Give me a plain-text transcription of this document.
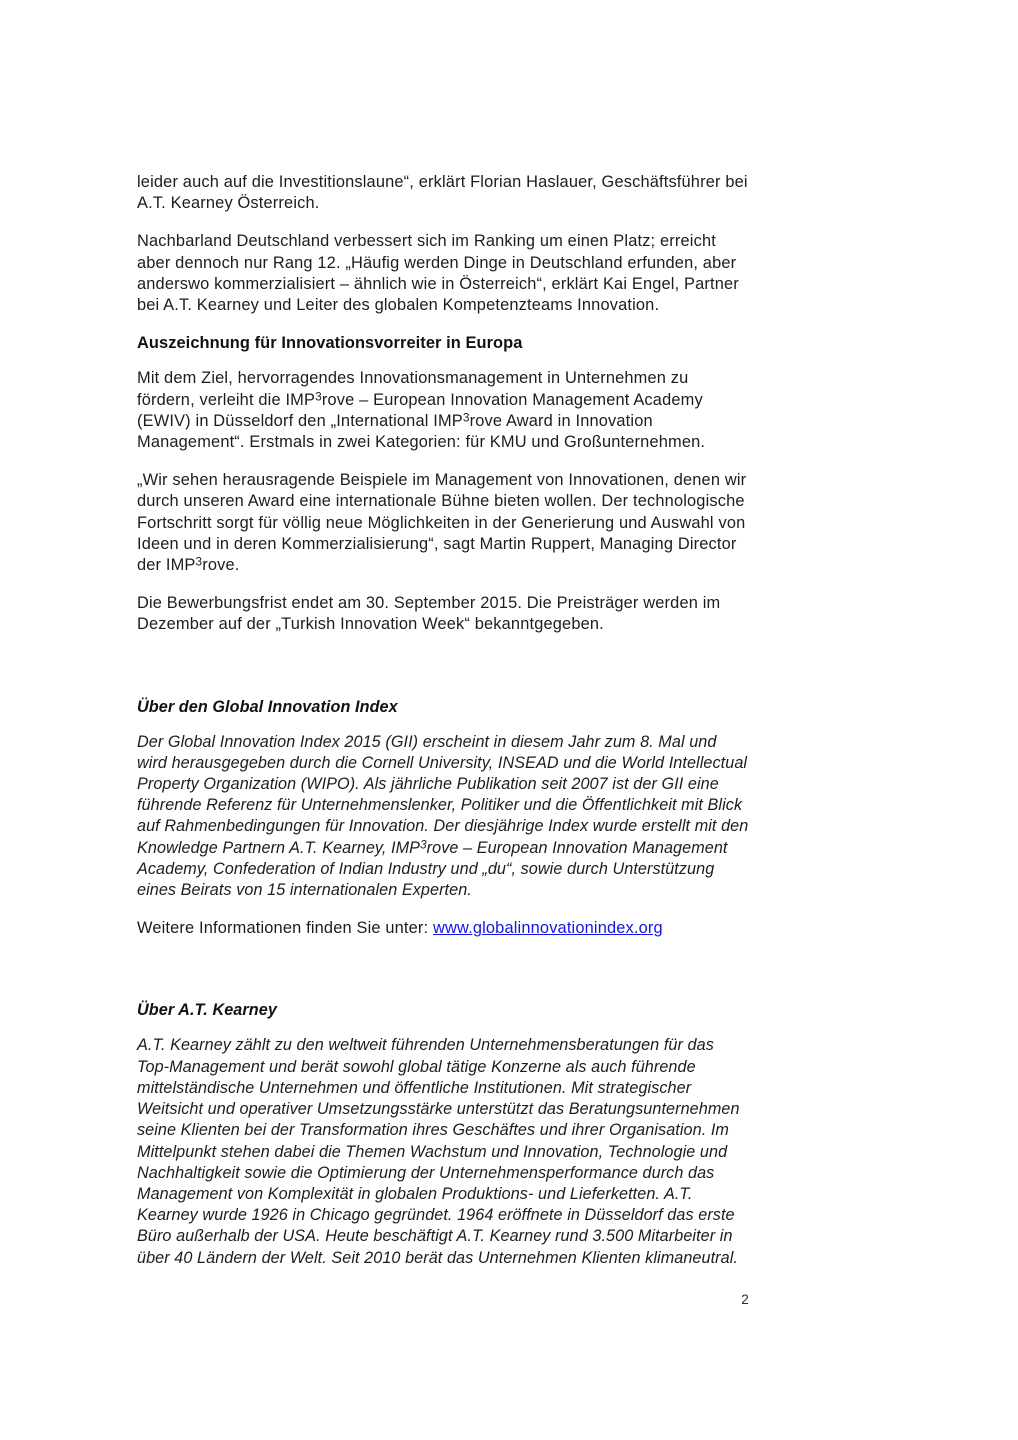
leider auch auf die Investitionslaune“, erklärt Florian Haslauer, Geschäftsführer bei A.T. Kearney Österreich.

Nachbarland Deutschland verbessert sich im Ranking um einen Platz; erreicht aber dennoch nur Rang 12. „Häufig werden Dinge in Deutschland erfunden, aber anderswo kommerzialisiert – ähnlich wie in Österreich“, erklärt Kai Engel, Partner bei A.T. Kearney und Leiter des globalen Kompetenzteams Innovation.

Auszeichnung für Innovationsvorreiter in Europa

Mit dem Ziel, hervorragendes Innovationsmanagement in Unternehmen zu fördern, verleiht die IMP$^3$rove – European Innovation Management Academy (EWIV) in Düsseldorf den „International IMP$^3$rove Award in Innovation Management“. Erstmals in zwei Kategorien: für KMU und Großunternehmen.

„Wir sehen herausragende Beispiele im Management von Innovationen, denen wir durch unseren Award eine internationale Bühne bieten wollen. Der technologische Fortschritt sorgt für völlig neue Möglichkeiten in der Generierung und Auswahl von Ideen und in deren Kommerzialisierung“, sagt Martin Ruppert, Managing Director der IMP$^3$rove.

Die Bewerbungsfrist endet am 30. September 2015. Die Preisträger werden im Dezember auf der „Turkish Innovation Week“ bekanntgegeben.

Über den Global Innovation Index

Der Global Innovation Index 2015 (GII) erscheint in diesem Jahr zum 8. Mal und wird herausgegeben durch die Cornell University, INSEAD und die World Intellectual Property Organization (WIPO). Als jährliche Publikation seit 2007 ist der GII eine führende Referenz für Unternehmenslenker, Politiker und die Öffentlichkeit mit Blick auf Rahmenbedingungen für Innovation. Der diesjährige Index wurde erstellt mit den Knowledge Partnern A.T. Kearney, IMP$^3$rove – European Innovation Management Academy, Confederation of Indian Industry und „du“, sowie durch Unterstützung eines Beirats von 15 internationalen Experten.

Weitere Informationen finden Sie unter: www.globalinnovationindex.org

Über A.T. Kearney

A.T. Kearney zählt zu den weltweit führenden Unternehmensberatungen für das Top-Management und berät sowohl global tätige Konzerne als auch führende mittelständische Unternehmen und öffentliche Institutionen. Mit strategischer Weitsicht und operativer Umsetzungsstärke unterstützt das Beratungsunternehmen seine Klienten bei der Transformation ihres Geschäftes und ihrer Organisation. Im Mittelpunkt stehen dabei die Themen Wachstum und Innovation, Technologie und Nachhaltigkeit sowie die Optimierung der Unternehmensperformance durch das Management von Komplexität in globalen Produktions- und Lieferketten. A.T. Kearney wurde 1926 in Chicago gegründet. 1964 eröffnete in Düsseldorf das erste Büro außerhalb der USA. Heute beschäftigt A.T. Kearney rund 3.500 Mitarbeiter in über 40 Ländern der Welt. Seit 2010 berät das Unternehmen Klienten klimaneutral.

2
